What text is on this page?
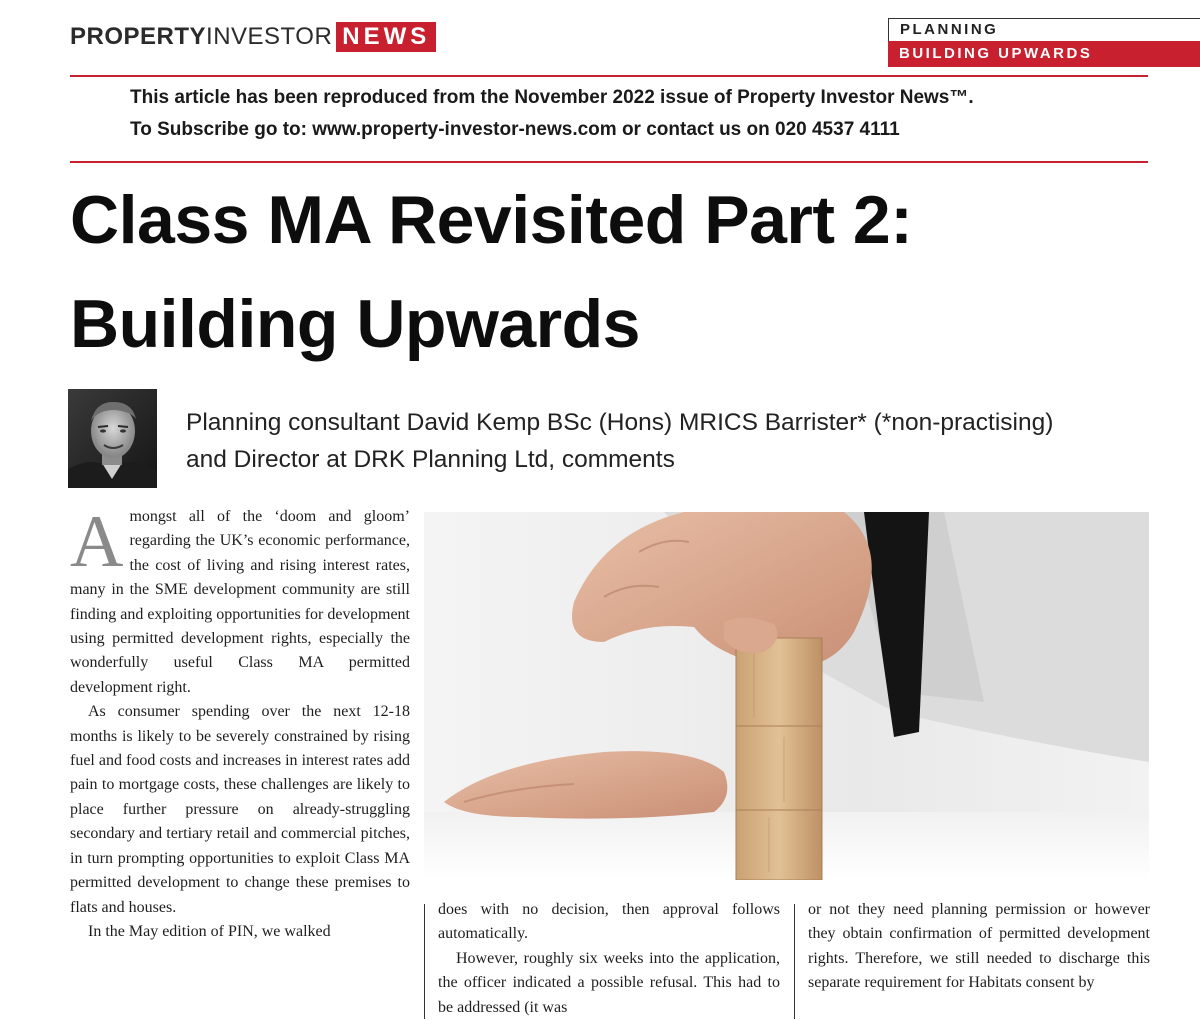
PROPERTY INVESTOR NEWS	PLANNING
BUILDING UPWARDS
This article has been reproduced from the November 2022 issue of Property Investor News™.
To Subscribe go to: www.property-investor-news.com or contact us on 020 4537 4111
Class MA Revisited Part 2:
Building Upwards
Planning consultant David Kemp BSc (Hons) MRICS Barrister* (*non-practising)
and Director at DRK Planning Ltd, comments

Amongst all of the ‘doom and gloom’ regarding the UK’s economic performance, the cost of living and rising interest rates, many in the SME development community are still finding and exploiting opportunities for development using permitted development rights, especially the wonderfully useful Class MA permitted development right.

As consumer spending over the next 12-18 months is likely to be severely constrained by rising fuel and food costs and increases in interest rates add pain to mortgage costs, these challenges are likely to place further pressure on already-struggling secondary and tertiary retail and commercial pitches, in turn prompting opportunities to exploit Class MA permitted development to change these premises to flats and houses.

In the May edition of PIN, we walked

does with no decision, then approval follows automatically.

However, roughly six weeks into the application, the officer indicated a possible refusal. This had to be addressed (it was

or not they need planning permission or however they obtain confirmation of permitted development rights. Therefore, we still needed to discharge this separate requirement for Habitats consent by
